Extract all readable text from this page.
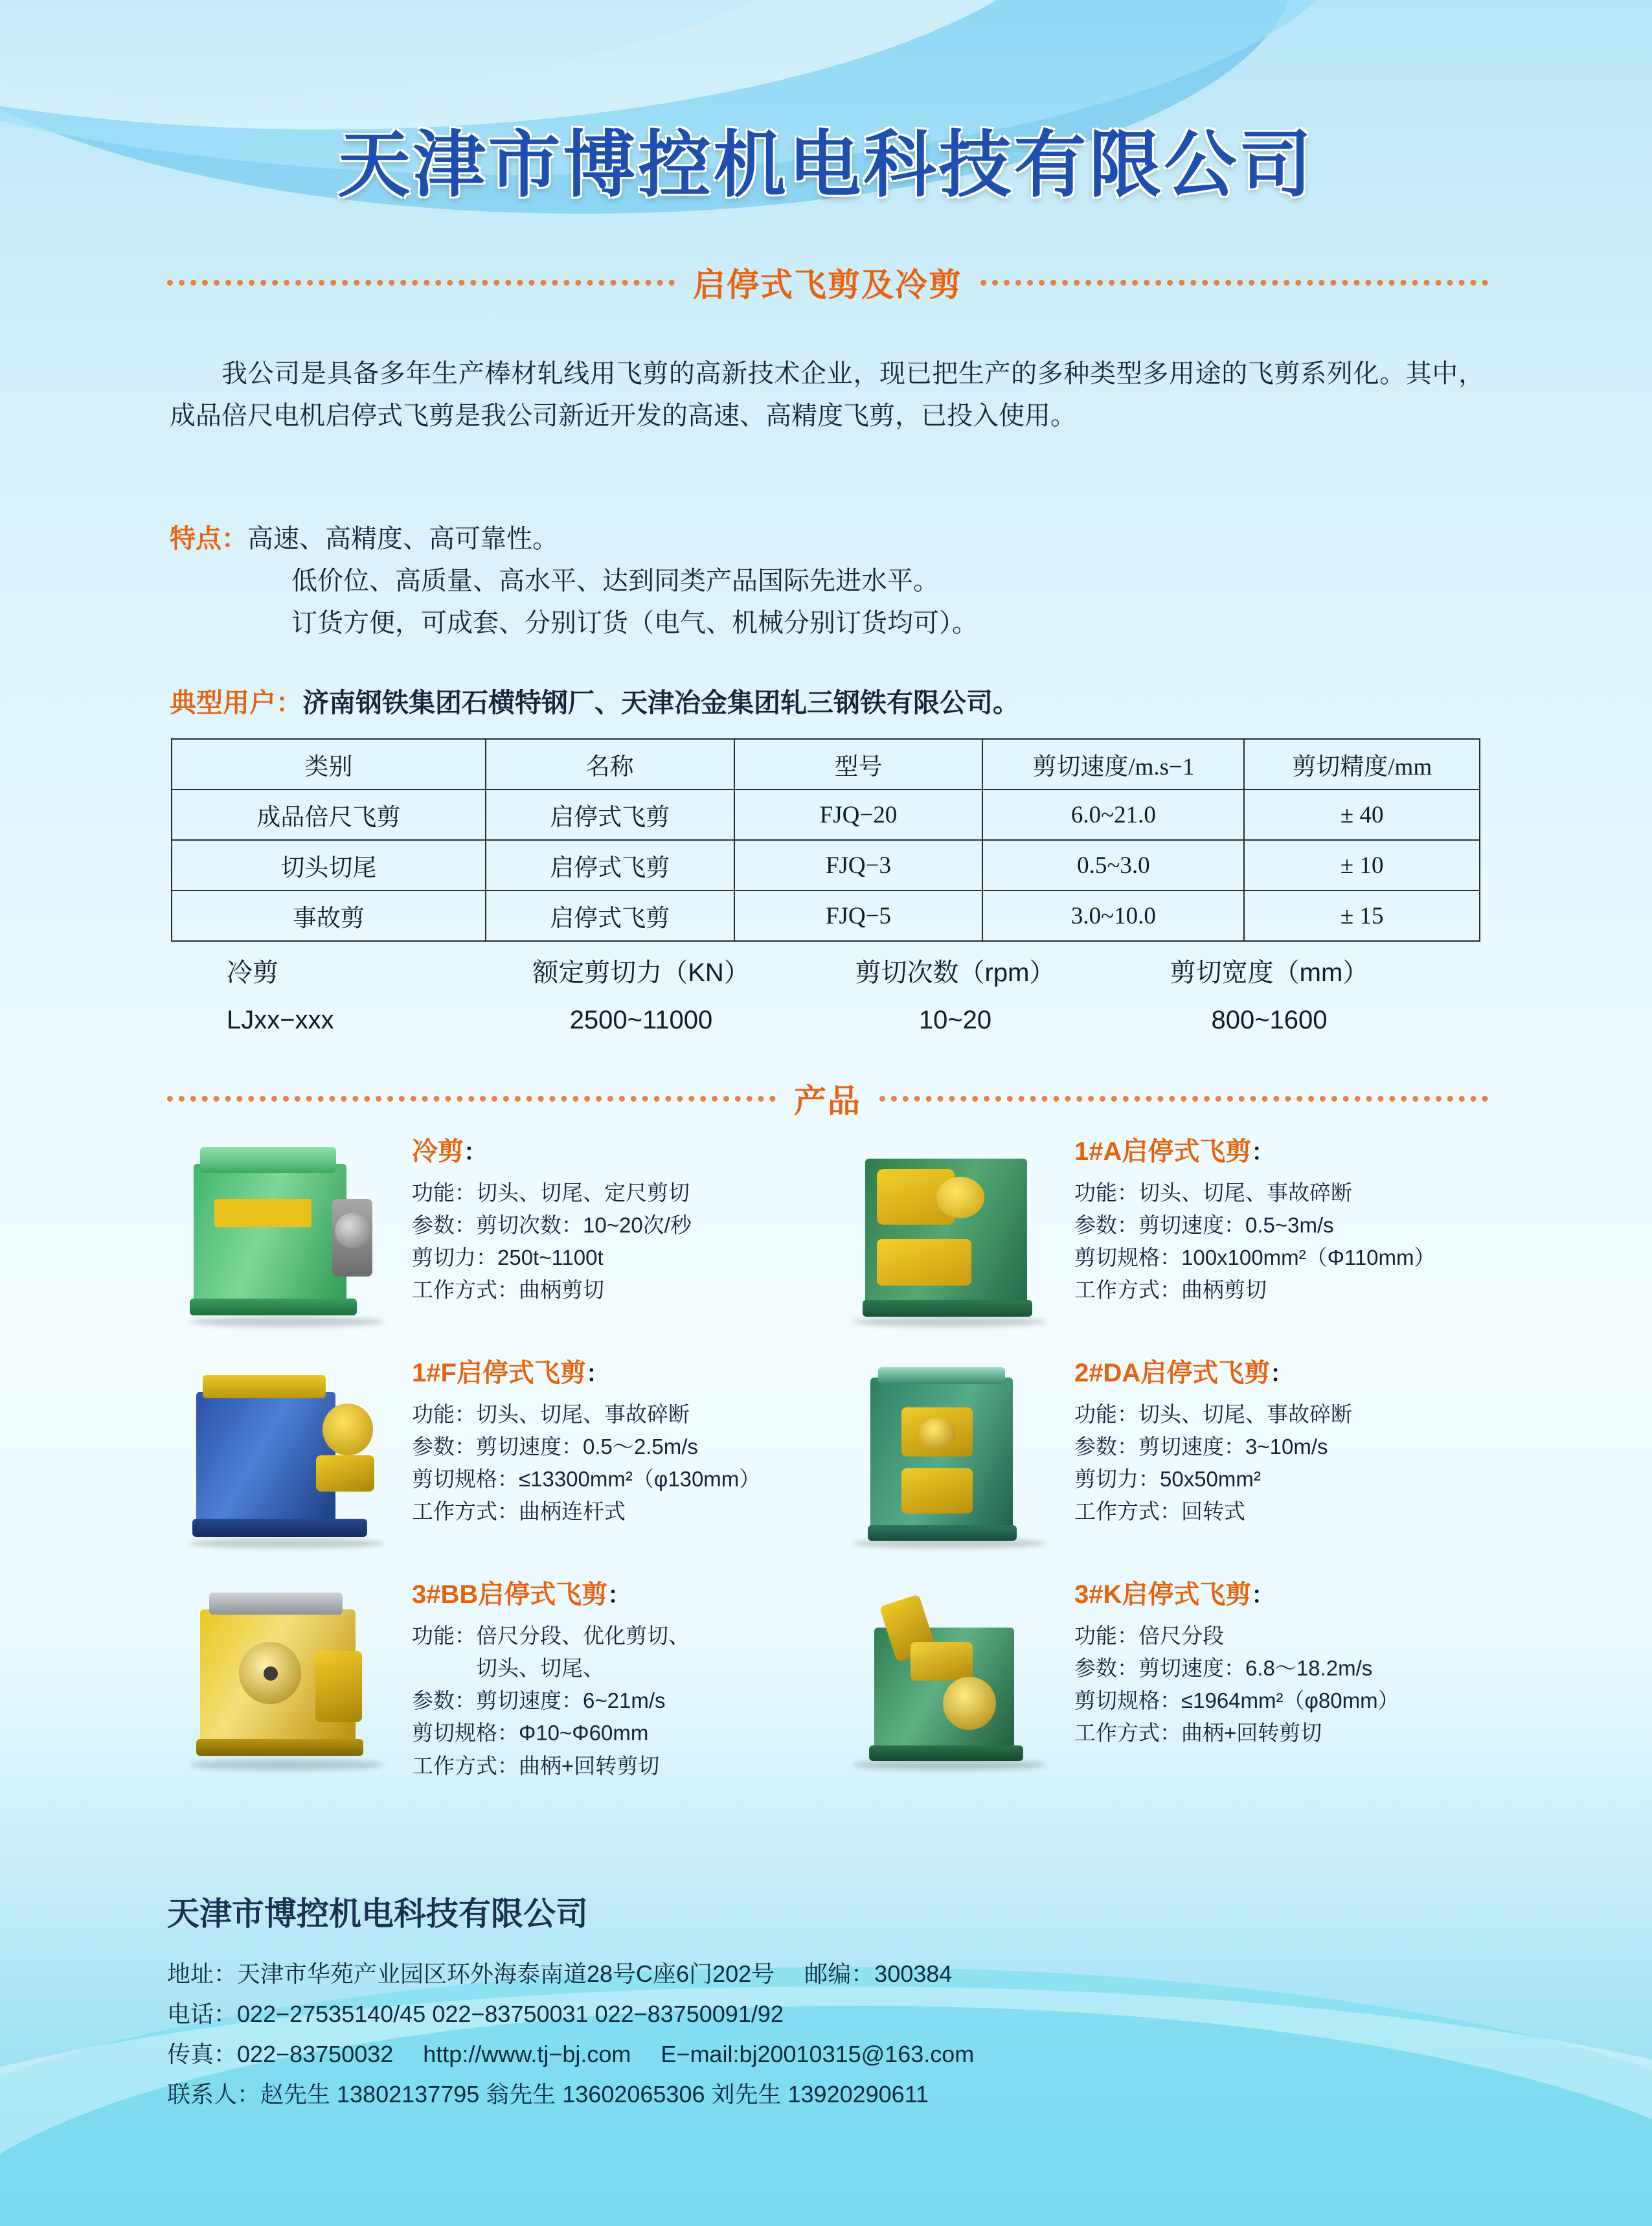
天津市博控机电科技有限公司
启停式飞剪及冷剪

我公司是具备多年生产棒材轧线用飞剪的高新技术企业，现已把生产的多种类型多用途的飞剪系列化。其中，成品倍尺电机启停式飞剪是我公司新近开发的高速、高精度飞剪，已投入使用。

特点： 高速、高精度、高可靠性。
低价位、高质量、高水平、达到同类产品国际先进水平。
订货方便，可成套、分别订货（电气、机械分别订货均可）。
典型用户：济南钢铁集团石横特钢厂、天津冶金集团轧三钢铁有限公司。
类别	名称	型号	剪切速度/m.s−1	剪切精度/mm
成品倍尺飞剪	启停式飞剪	FJQ−20	6.0~21.0	± 40
切头切尾	启停式飞剪	FJQ−3	0.5~3.0	± 10
事故剪	启停式飞剪	FJQ−5	3.0~10.0	± 15
冷剪	额定剪切力（KN）	剪切次数（rpm）	剪切宽度（mm）
LJxx−xxx	2500~11000	10~20	800~1600
产品
冷剪：
功能：切头、切尾、定尺剪切
参数：剪切次数：10~20次/秒
剪切力：250t~1100t
工作方式：曲柄剪切
1#A启停式飞剪：
功能：切头、切尾、事故碎断
参数：剪切速度：0.5~3m/s
剪切规格：100x100mm²（Φ110mm）
工作方式：曲柄剪切
1#F启停式飞剪：
功能：切头、切尾、事故碎断
参数：剪切速度：0.5～2.5m/s
剪切规格：≤13300mm²（φ130mm）
工作方式：曲柄连杆式
2#DA启停式飞剪：
功能：切头、切尾、事故碎断
参数：剪切速度：3~10m/s
剪切力：50x50mm²
工作方式：回转式
3#BB启停式飞剪：
功能：倍尺分段、优化剪切、
　　　切头、切尾、
参数：剪切速度：6~21m/s
剪切规格：Φ10~Φ60mm
工作方式：曲柄+回转剪切
3#K启停式飞剪：
功能：倍尺分段
参数：剪切速度：6.8～18.2m/s
剪切规格：≤1964mm²（φ80mm）
工作方式：曲柄+回转剪切
天津市博控机电科技有限公司
地址：天津市华苑产业园区环外海泰南道28号C座6门202号 邮编：300384
电话：022−27535140/45 022−83750031 022−83750091/92
传真：022−83750032 http://www.tj−bj.com E−mail:bj20010315@163.com
联系人：赵先生 13802137795 翁先生 13602065306 刘先生 13920290611
